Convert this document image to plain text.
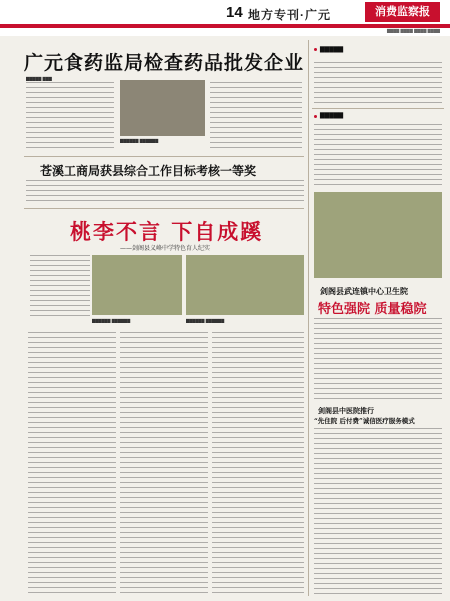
14 地方专刊·广元	消费监察报
▇▇▇▇ ▇▇▇▇ ▇▇▇▇ ▇▇▇▇
广元食药监局检查药品批发企业
▇▇▇▇▇ ▇▇▇
▇▇▇▇▇▇ ▇▇▇▇▇▇
苍溪工商局获县综合工作目标考核一等奖
桃李不言 下自成蹊
——剑阁县义峰中学特色育人纪实
▇▇▇▇▇▇ ▇▇▇▇▇▇	▇▇▇▇▇▇ ▇▇▇▇▇▇
▇▇▇▇▇
▇▇▇▇▇
剑阁县武连镇中心卫生院
特色强院 质量稳院
剑阁县中医院推行
“先住院 后付费”诚信医疗服务模式
